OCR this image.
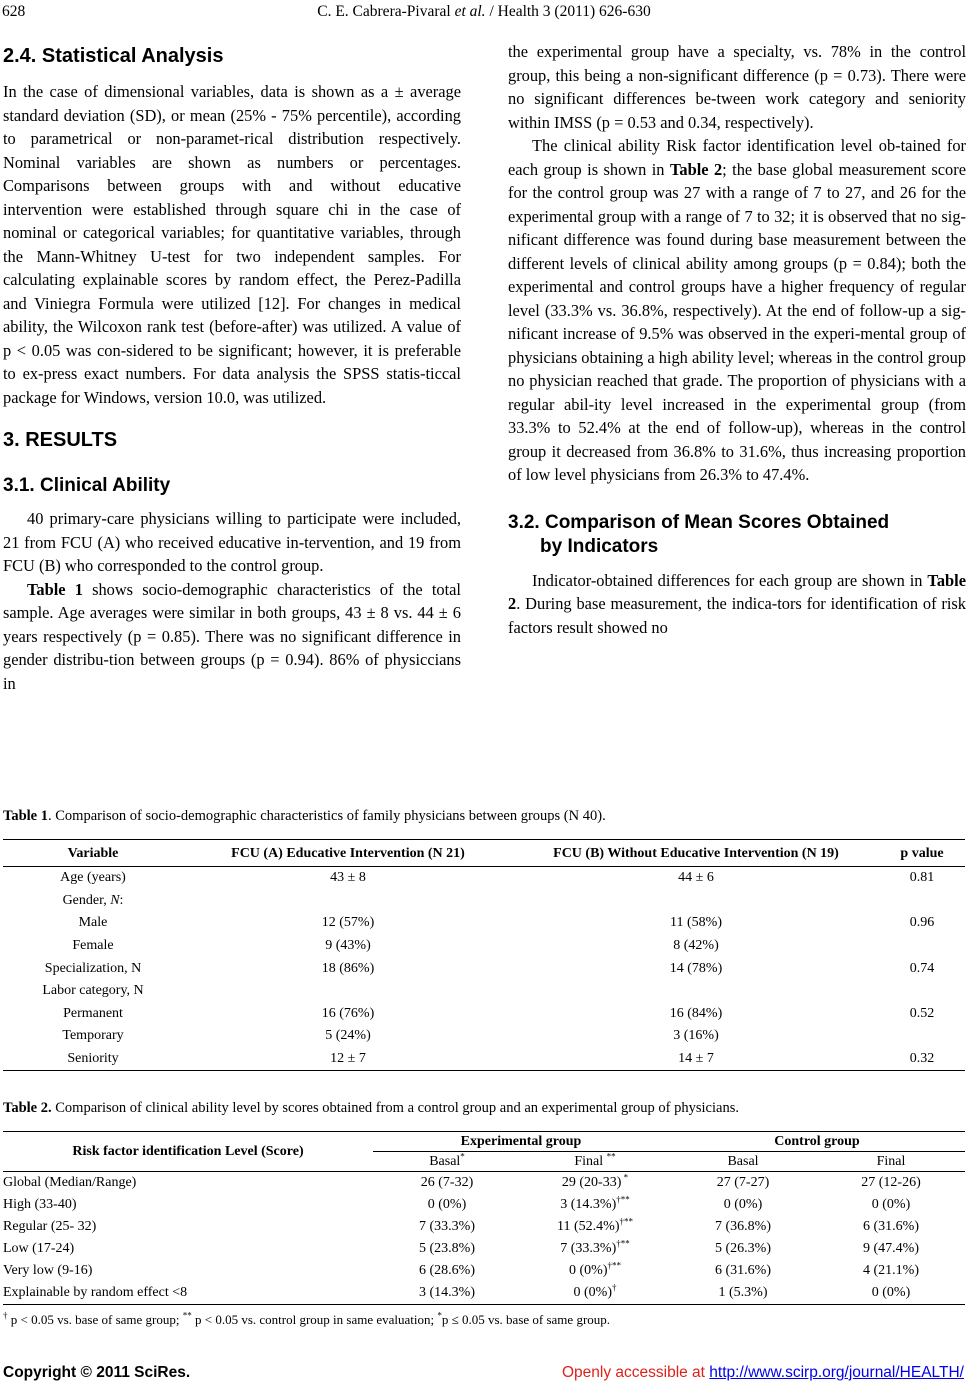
628	C. E. Cabrera-Pivaral et al. / Health 3 (2011) 626-630
2.4. Statistical Analysis

In the case of dimensional variables, data is shown as a ± average standard deviation (SD), or mean (25% - 75% percentile), according to parametrical or non-paramet-rical distribution respectively. Nominal variables are shown as numbers or percentages. Comparisons between groups with and without educative intervention were established through square chi in the case of nominal or categorical variables; for quantitative variables, through the Mann-Whitney U-test for two independent samples. For calculating explainable scores by random effect, the Perez-Padilla and Viniegra Formula were utilized [12]. For changes in medical ability, the Wilcoxon rank test (before-after) was utilized. A value of p < 0.05 was con-sidered to be significant; however, it is preferable to ex-press exact numbers. For data analysis the SPSS statis-ticcal package for Windows, version 10.0, was utilized.

3. RESULTS
3.1. Clinical Ability

40 primary-care physicians willing to participate were included, 21 from FCU (A) who received educative in-tervention, and 19 from FCU (B) who corresponded to the control group.

Table 1 shows socio-demographic characteristics of the total sample. Age averages were similar in both groups, 43 ± 8 vs. 44 ± 6 years respectively (p = 0.85). There was no significant difference in gender distribu-tion between groups (p = 0.94). 86% of physiccians in

the experimental group have a specialty, vs. 78% in the control group, this being a non-significant difference (p = 0.73). There were no significant differences be-tween work category and seniority within IMSS (p = 0.53 and 0.34, respectively).

The clinical ability Risk factor identification level ob-tained for each group is shown in Table 2; the base global measurement score for the control group was 27 with a range of 7 to 27, and 26 for the experimental group with a range of 7 to 32; it is observed that no sig-nificant difference was found during base measurement between the different levels of clinical ability among groups (p = 0.84); both the experimental and control groups have a higher frequency of regular level (33.3% vs. 36.8%, respectively). At the end of follow-up a sig-nificant increase of 9.5% was observed in the experi-mental group of physicians obtaining a high ability level; whereas in the control group no physician reached that grade. The proportion of physicians with a regular abil-ity level increased in the experimental group (from 33.3% to 52.4% at the end of follow-up), whereas in the control group it decreased from 36.8% to 31.6%, thus increasing proportion of low level physicians from 26.3% to 47.4%.

3.2. Comparison of Mean Scores Obtained
by Indicators

Indicator-obtained differences for each group are shown in Table 2. During base measurement, the indica-tors for identification of risk factors result showed no

Table 1. Comparison of socio-demographic characteristics of family physicians between groups (N 40).
Variable	FCU (A) Educative Intervention (N 21)	FCU (B) Without Educative Intervention (N 19)	p value
Age (years)	43 ± 8	44 ± 6	0.81
Gender, N:			
Male	12 (57%)	11 (58%)	0.96
Female	9 (43%)	8 (42%)	
Specialization, N	18 (86%)	14 (78%)	0.74
Labor category, N			
Permanent	16 (76%)	16 (84%)	0.52
Temporary	5 (24%)	3 (16%)	
Seniority	12 ± 7	14 ± 7	0.32
Table 2. Comparison of clinical ability level by scores obtained from a control group and an experimental group of physicians.
Risk factor identification Level (Score)	Experimental group		Control group	
	Basal*	Final **	Basal	Final
Global (Median/Range)	26 (7-32)	29 (20-33) *	27 (7-27)	27 (12-26)
High (33-40)	0 (0%)	3 (14.3%)†**	0 (0%)	0 (0%)
Regular (25- 32)	7 (33.3%)	11 (52.4%)†**	7 (36.8%)	6 (31.6%)
Low (17-24)	5 (23.8%)	7 (33.3%)†**	5 (26.3%)	9 (47.4%)
Very low (9-16)	6 (28.6%)	0 (0%)†**	6 (31.6%)	4 (21.1%)
Explainable by random effect <8	3 (14.3%)	0 (0%)†	1 (5.3%)	0 (0%)
† p < 0.05 vs. base of same group; ** p < 0.05 vs. control group in same evaluation; *p ≤ 0.05 vs. base of same group.
Copyright © 2011 SciRes.	Openly accessible at http://www.scirp.org/journal/HEALTH/
